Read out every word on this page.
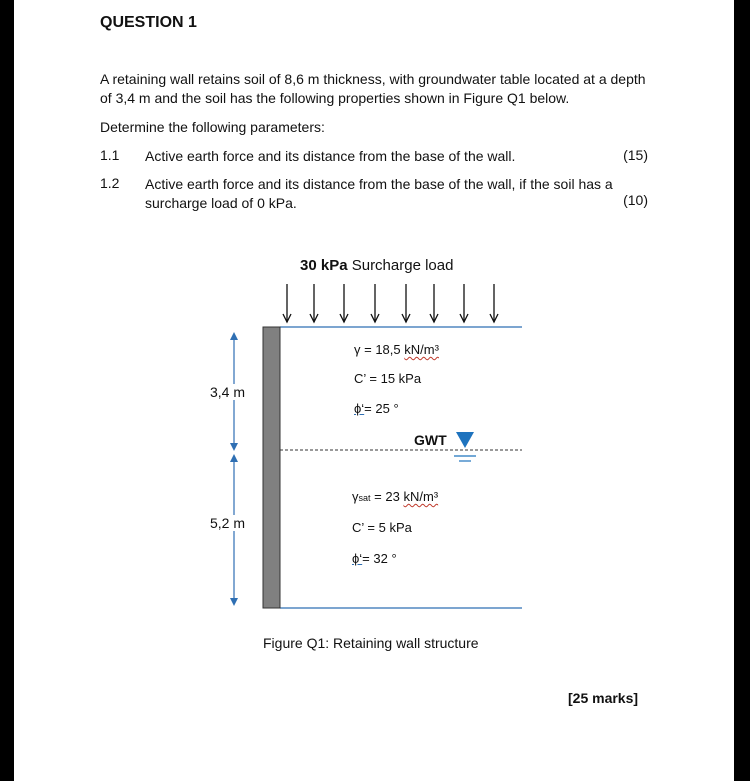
QUESTION 1
A retaining wall retains soil of 8,6 m thickness, with groundwater table located at a depth of 3,4 m and the soil has the following properties shown in Figure Q1 below.
Determine the following parameters:
1.1 Active earth force and its distance from the base of the wall.	(15)
1.2 Active earth force and its distance from the base of the wall, if the soil has a surcharge load of 0 kPa.	(10)
30 kPa Surcharge load
3,4 m
5,2 m
γ = 18,5 kN/m³
C’ = 15 kPa
ϕ‘= 25 °
GWT
γsat = 23 kN/m³
C’ = 5 kPa
ϕ‘= 32 °
Figure Q1: Retaining wall structure
[25 marks]
